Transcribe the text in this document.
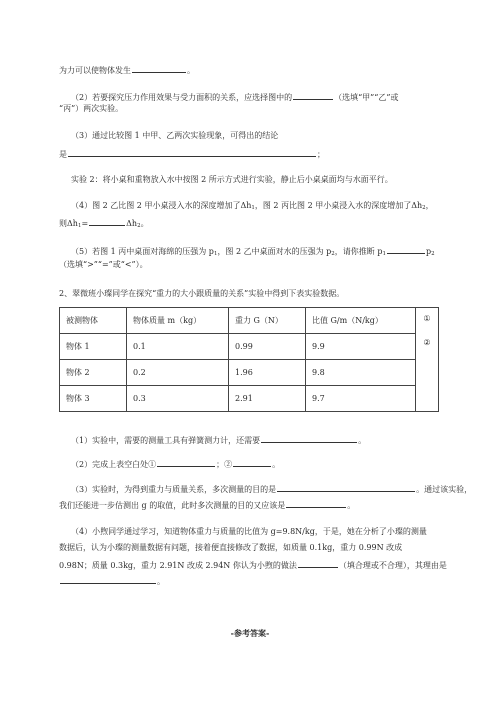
为力可以使物体发生	。
（2）若要探究压力作用效果与受力面积的关系，应选择图中的	（选填“甲”“乙”或
“丙”）两次实验。
（3）通过比较图 1 中甲、乙两次实验现象，可得出的结论
是	；
实验 2：将小桌和重物放入水中按图 2 所示方式进行实验，静止后小桌桌面均与水面平行。
（4）图 2 乙比图 2 甲小桌浸入水的深度增加了Δh1，图 2 丙比图 2 甲小桌浸入水的深度增加了Δh2，
则Δh1=	Δh2。
（5）若图 1 丙中桌面对海绵的压强为 p1，图 2 乙中桌面对水的压强为 p2，请你推断 p1	p2
（选填“>”“=”或“<”）。
2、翠微班小璨同学在探究“重力的大小跟质量的关系”实验中得到下表实验数据。
被测物体	物体质量 m（kg）	重力 G（N）	比值 G/m（N/kg）	①
②

物体 1	0.1	0.99	9.9	
物体 2	0.2	1.96	9.8	
物体 3	0.3	2.91	9.7	
（1）实验中，需要的测量工具有弹簧测力计，还需要	。
（2）完成上表空白处①	；②	。
（3）实验时，为得到重力与质量关系，多次测量的目的是	。通过该实验，
我们还能进一步估测出 g 的取值，此时多次测量的目的又应该是	。
（4）小煦同学通过学习，知道物体重力与质量的比值为 g=9.8N/kg，于是，她在分析了小璨的测量
数据后，认为小璨的测量数据有问题，接着便直接修改了数据，如质量 0.1kg，重力 0.99N 改成
0.98N；质量 0.3kg，重力 2.91N 改成 2.94N 你认为小煦的做法	（填合理或不合理），其理由是
。
-参考答案-
